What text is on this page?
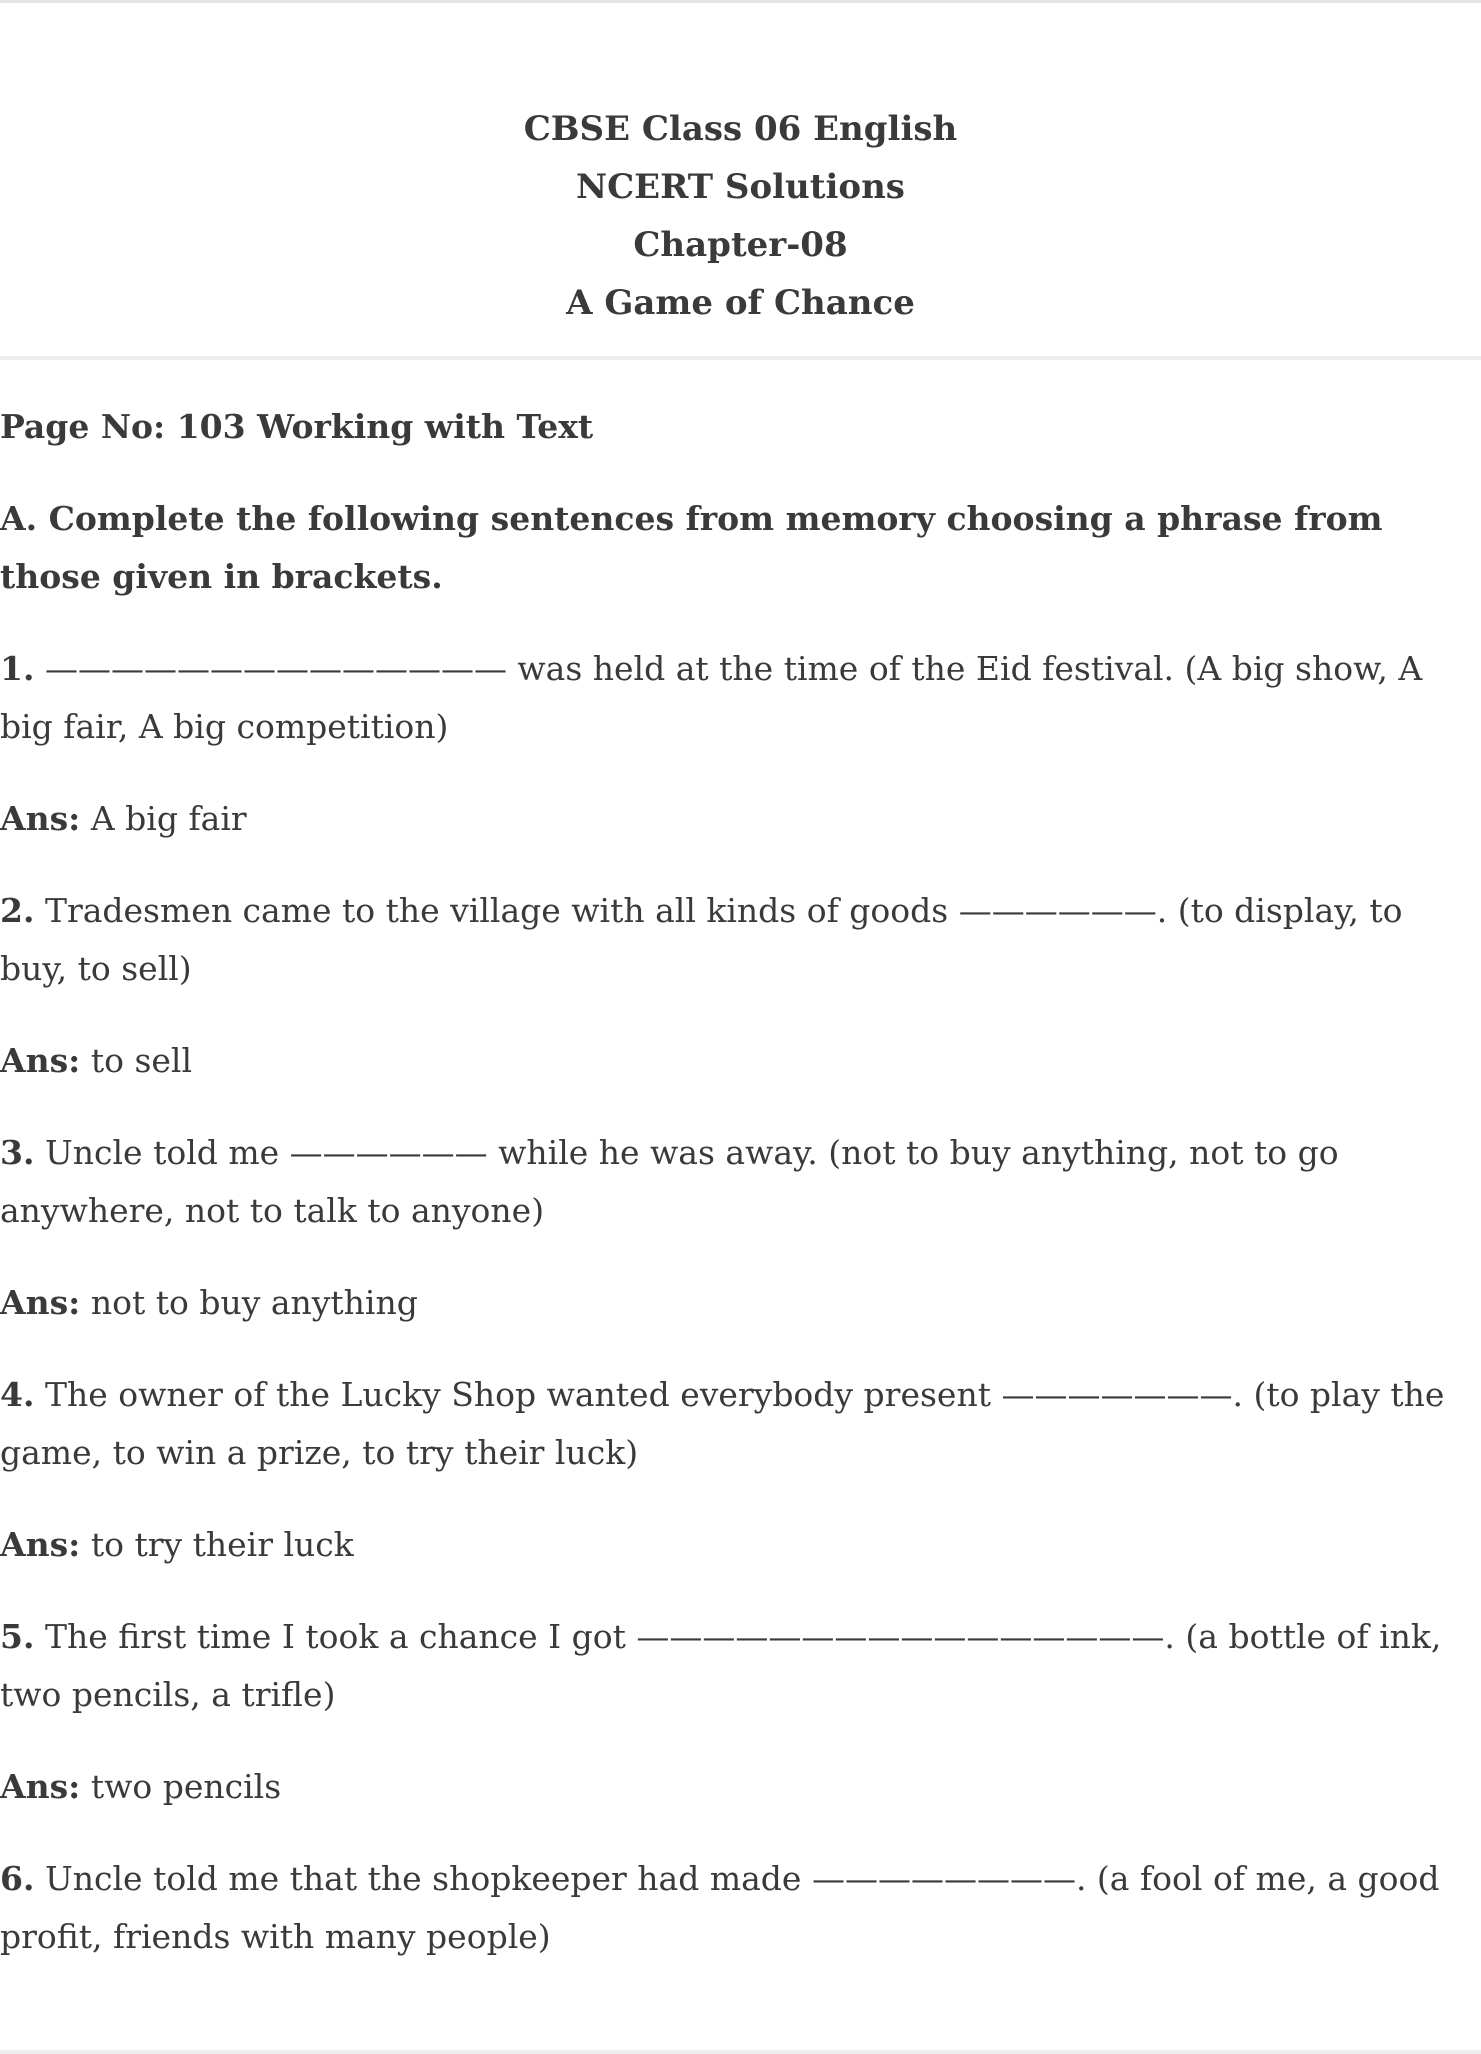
CBSE Class 06 English
NCERT Solutions
Chapter-08
A Game of Chance

Page No: 103 Working with Text

A. Complete the following sentences from memory choosing a phrase from those given in brackets.

1. —————————————— was held at the time of the Eid festival. (A big show, A big fair, A big competition)

Ans: A big fair

2. Tradesmen came to the village with all kinds of goods ——————. (to display, to buy, to sell)

Ans: to sell

3. Uncle told me —————— while he was away. (not to buy anything, not to go anywhere, not to talk to anyone)

Ans: not to buy anything

4. The owner of the Lucky Shop wanted everybody present ———————. (to play the game, to win a prize, to try their luck)

Ans: to try their luck

5. The first time I took a chance I got ————————————————. (a bottle of ink, two pencils, a trifle)

Ans: two pencils

6. Uncle told me that the shopkeeper had made ————————. (a fool of me, a good profit, friends with many people)
